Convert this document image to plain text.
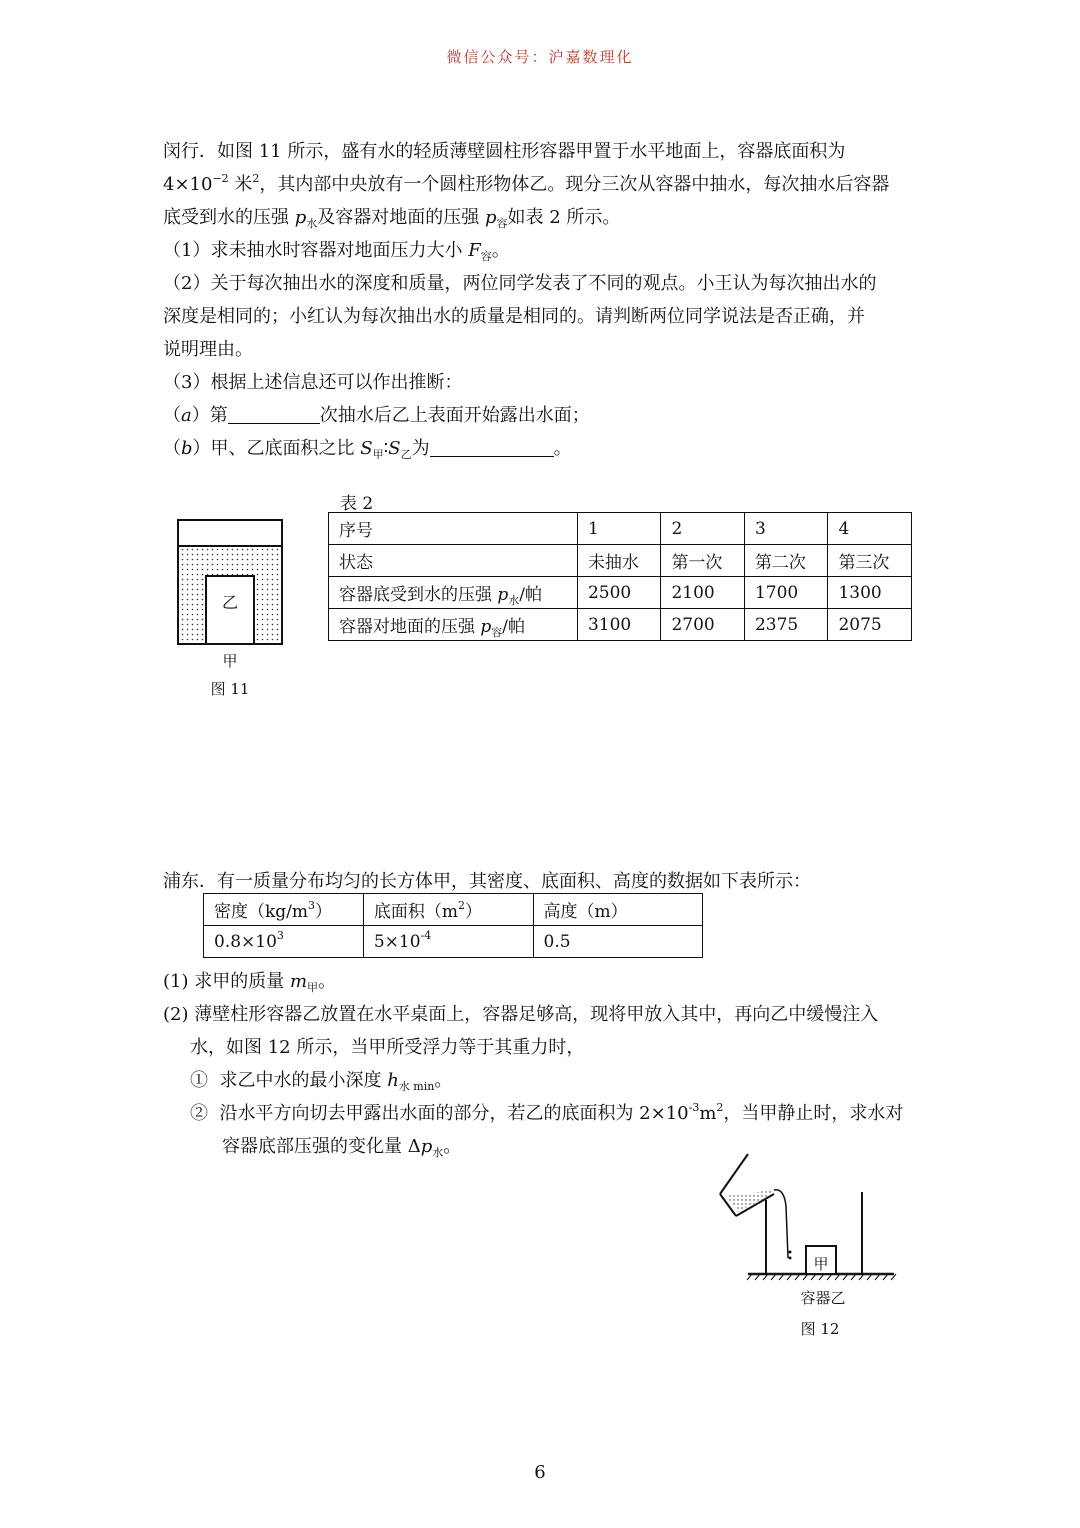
微信公众号：沪嘉数理化
闵行．如图 11 所示，盛有水的轻质薄壁圆柱形容器甲置于水平地面上，容器底面积为
$4\times 10^{-2}$ 米$^2$，其内部中央放有一个圆柱形物体乙。现分三次从容器中抽水，每次抽水后容器
底受到水的压强 $p_水$及容器对地面的压强 $p_容$如表 2 所示。
（1）求未抽水时容器对地面压力大小 $F_容$。
（2）关于每次抽出水的深度和质量，两位同学发表了不同的观点。小王认为每次抽出水的
深度是相同的；小红认为每次抽出水的质量是相同的。请判断两位同学说法是否正确，并
说明理由。
（3）根据上述信息还可以作出推断：
（a）第	次抽水后乙上表面开始露出水面；
（b）甲、乙底面积之比 $S_甲∶S_乙$为	。
乙
甲
图 11
表 2
序号	1	2	3	4
状态	未抽水	第一次	第二次	第三次
容器底受到水的压强 $p_水/$帕	2500	2100	1700	1300
容器对地面的压强 $p_容/$帕	3100	2700	2375	2075
浦东．有一质量分布均匀的长方体甲，其密度、底面积、高度的数据如下表所示：
密度$(kg/m^3)$	底面积$(m^2)$	高度（m）
$0.8\times 10^3$	$5\times 10^{-4}$	0.5
(1) 求甲的质量 $m_甲$。
(2) 薄壁柱形容器乙放置在水平桌面上，容器足够高，现将甲放入其中，再向乙中缓慢注入
水，如图 12 所示，当甲所受浮力等于其重力时，
① 求乙中水的最小深度 $h_{水 min}$。
② 沿水平方向切去甲露出水面的部分，若乙的底面积为 $2\times 10^{-3}m^2$，当甲静止时，求水对
容器底部压强的变化量 $\Delta p_水$。
甲
容器乙
图 12
6
